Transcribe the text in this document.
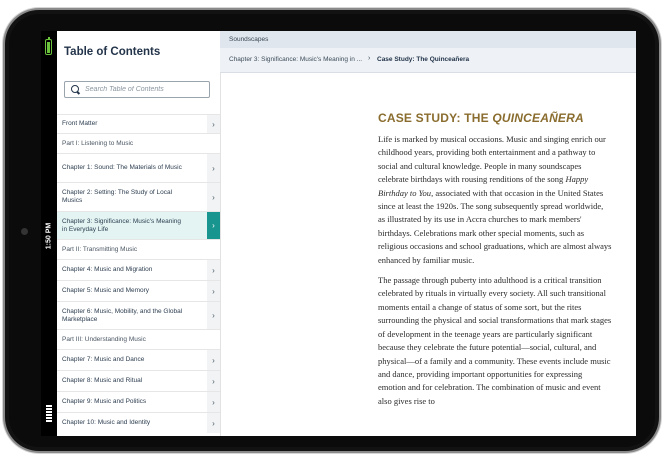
1:50 PM
Table of Contents
Search Table of Contents
Front Matter	›
Part I: Listening to Music
Chapter 1: Sound: The Materials of Music	›
Chapter 2: Setting: The Study of Local Musics	›
Chapter 3: Significance: Music's Meaning in Everyday Life	›
Part II: Transmitting Music
Chapter 4: Music and Migration	›
Chapter 5: Music and Memory	›
Chapter 6: Music, Mobility, and the Global Marketplace	›
Part III: Understanding Music
Chapter 7: Music and Dance	›
Chapter 8: Music and Ritual	›
Chapter 9: Music and Politics	›
Chapter 10: Music and Identity	›
Soundscapes
Chapter 3: Significance: Music's Meaning in ... › Case Study: The Quinceañera
CASE STUDY: THE QUINCEAÑERA

Life is marked by musical occasions. Music and singing enrich our childhood years, providing both entertainment and a pathway to social and cultural knowledge. People in many soundscapes celebrate birthdays with rousing renditions of the song Happy Birthday to You, associated with that occasion in the United States since at least the 1920s. The song subsequently spread worldwide, as illustrated by its use in Accra churches to mark members' birthdays. Celebrations mark other special moments, such as religious occasions and school graduations, which are almost always enhanced by familiar music.

The passage through puberty into adulthood is a critical transition celebrated by rituals in virtually every society. All such transitional moments entail a change of status of some sort, but the rites surrounding the physical and social transformations that mark stages of development in the teenage years are particularly significant because they celebrate the future potential—social, cultural, and physical—of a family and a community. These events include music and dance, providing important opportunities for expressing emotion and for celebration. The combination of music and event also gives rise to
